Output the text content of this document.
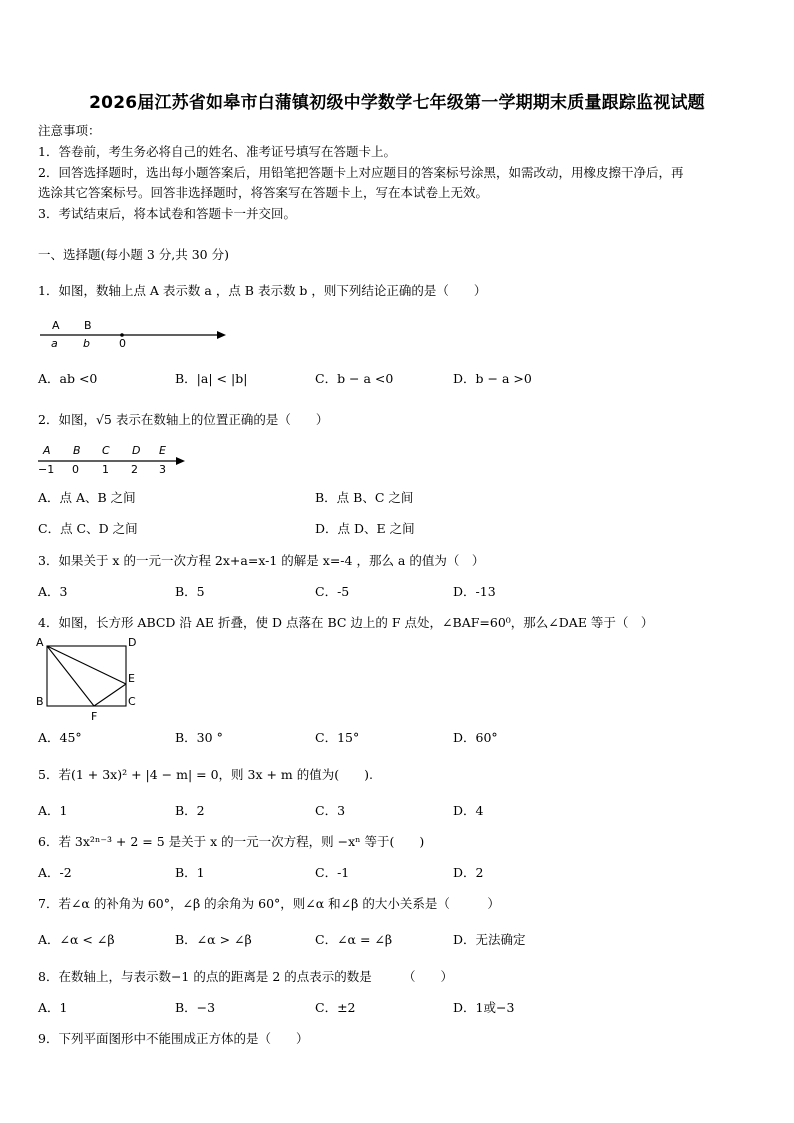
2026届江苏省如皋市白蒲镇初级中学数学七年级第一学期期末质量跟踪监视试题
注意事项：
1．答卷前，考生务必将自己的姓名、准考证号填写在答题卡上。
2．回答选择题时，选出每小题答案后，用铅笔把答题卡上对应题目的答案标号涂黑，如需改动，用橡皮擦干净后，再
选涂其它答案标号。回答非选择题时，将答案写在答题卡上，写在本试卷上无效。
3．考试结束后，将本试卷和答题卡一并交回。
一、选择题(每小题 3 分,共 30 分)
1．如图，数轴上点 A 表示数 a ，点 B 表示数 b ，则下列结论正确的是（　　）
A B
a b	0
A．ab <0	B．|a| < |b|	C．b − a <0	D．b − a >0
2．如图，√5 表示在数轴上的位置正确的是（　　）
A B C D E
−1 0 1 2 3
A．点 A、B 之间	B．点 B、C 之间
C．点 C、D 之间	D．点 D、E 之间
3．如果关于 x 的一元一次方程 2x+a=x-1 的解是 x=-4 ，那么 a 的值为（　）
A．3	B．5	C．-5	D．-13
4．如图，长方形 ABCD 沿 AE 折叠，使 D 点落在 BC 边上的 F 点处，∠BAF=60⁰，那么∠DAE 等于（　）
A	D
E
C
B
F
A．45°	B．30 °	C．15°	D．60°
5．若(1 + 3x)² + |4 − m| = 0，则 3x + m 的值为(　　).
A．1	B．2	C．3	D．4
6．若 3x²ⁿ⁻³ + 2 = 5 是关于 x 的一元一次方程，则 −xⁿ 等于(　　)
A．-2	B．1	C．-1	D．2
7．若∠α 的补角为 60°，∠β 的余角为 60°，则∠α 和∠β 的大小关系是（　　　）
A．∠α < ∠β	B．∠α > ∠β	C．∠α = ∠β	D．无法确定
8．在数轴上，与表示数−1 的点的距离是 2 的点表示的数是　　　（　　）
A．1	B．−3	C．±2	D．1或−3
9．下列平面图形中不能围成正方体的是（　　）
